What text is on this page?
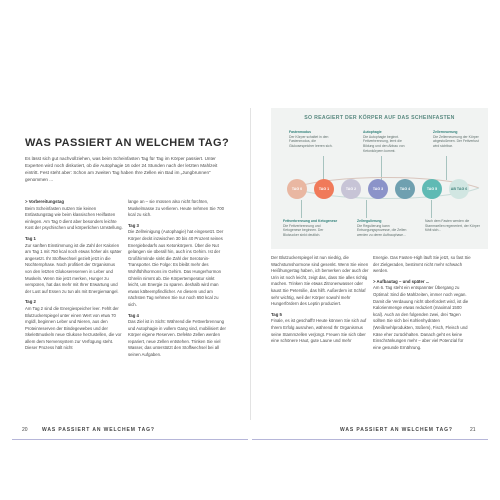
WAS PASSIERT AN WELCHEM TAG?
Es lässt sich gut nachvollziehen, was beim Scheinfasten Tag für Tag im Körper passiert. Unter Experten wird noch diskutiert, ob die Autophagie 16 oder 24 Stunden nach der letzten Mahlzeit eintritt. Fest steht aber: Schon am zweiten Tag haben Ihre Zellen ein Bad im „Jungbrunnen“ genommen ...

> Vorbereitungstag
Beim Scheinfasten nutzen Sie keinen Entlastungstag wie beim klassischen Heilfasten einlegen. Am Tag 0 dient aber besonders leichte Kost der psychischen und körperlichen Umstellung.

Tag 1
Zur sanften Einstimmung ist die Zahl der Kalorien am Tag 1 mit 750 kcal noch etwas höher als später angesetzt. Ihr Stoffwechsel gezielt jetzt in die Nüchternphase. Noch profitiert der Organismus von den letzten Glukosereserven in Leber und Muskeln. Wenn Sie jetzt merken, Hunger zu verspüren, hat das mehr mit Ihrer Erwartung und der Lust auf Essen zu tun als mit Energiemangel.

Tag 2
Am Tag 2 sind die Energiespeicher leer. Fehlt der Blutzuckerspiegel unter einen Wert von etwa 70 mg/dl, beginnen Leber und Nieren, aus den Proteinreserven der Bindegewebes und der Skelettmuskeln neue Glukose herzustellen, die vor allem dem Nervensystem zur Verfügung steht. Dieser Prozess hält nicht

lange an – sie müssen also nicht fürchten, Muskelmasse zu verlieren. Heute nehmen Sie 700 kcal zu sich.

Tag 3
Die Zellreinigung (Autophagie) hat eingesetzt. Der Körper deckt inzwischen 30 bis 40 Prozent seines Energiebedarfs aus Ketonkörpern. Über die Nut gelangen sie überall hin, auch ins Gehirn. Ist der Großhirnrinde sinkt die Zahl der Serotonin-Transporter. Die Folge: Es bleibt mehr des Wohlfühlhormons im Gehirn. Das Hungerhormon Ghrelin nimmt ab. Die Körpertemperatur sinkt leicht, um Energie zu sparen. deshalb wird man etwas kälteempfindlicher. An diesem und am nächsten Tag nehmen Sie nur noch 650 kcal zu sich.

Tag 4
Das Ziel ist in Sicht: Während die Fettverbrennung und Autophagie in vollem Gang sind, mobilisiert der Körper eigene Reserven. Defekte Zellen werden repariert, neue Zellen entstehen. Trinken Sie viel Wasser, das unterstützt den Stoffwechsel bei all seinen Aufgaben.

SO REAGIERT DER KÖRPER AUF DAS SCHEINFASTEN
Fastenmodus
Der Körper schaltet in den Fastenmodus, die Glukosespeicher leeren sich.
Autophagie
Die Autophagie beginnt. Fettverbrennung, lernt die Bildung und den Abbau von Ketonkörpern kommt.
Zellerneuerung
Die Zellerneuerung der Körper abgestoßenen. Der Fettverlust wird sichtbar.
TAG 0	TAG 1	TAG 2	TAG 3	TAG 4	TAG 5	AB TAG 6
Fettverbrennung und Ketogenese
Die Fettverbrennung und Ketogenese beginnen. Der Blutzucker sinkt deutlich.
Zellregulierung
Die Regulierung kann Entsorgungsprozesse, die Zellen werden zu deren Aufbauphase...
Nach dem Fasten werden die Stammzellen regeneriert, der Körper fühlt sich...

Der Blutzuckerspiegel ist nun niedrig, die Wachstumshormone sind gesenkt. Wenn Sie einen Heißhungertag haben, ich bemerken oder auch der Urin ist noch leicht, zeigt das, dass Sie alles richtig machen. Trinken Sie etwas Zitronenwasser oder kaust Sie Petersilie, das hilft. Außerdem ist Schlaf sehr wichtig, weil der Körper sowohl mehr Hungerfördern des Leptin produziert.

Tag 5
Finale, es ist geschafft! Heute können Sie sich auf Ihrem Erfolg ausruhen, während Ihr Organismus seine Stammzellen verjüngt. Freuen Sie sich über eine schönere Haut, gute Laune und mehr

Energie. Das Fasten-High läuft Sie jetzt, so fast Sie der Zielgeraden, bestimmt nicht mehr schwach werden.

> Aufbautag – und später ...
Am 6. Tag steht ein entspannter Übergang zu Optimal: Sind die Mahlzeiten, immer noch vegan. Damit die Verdauung nicht überfordert wird, ist die Kalorienmenge etwas reduziert (maximal 1500 kcal). Auch an den folgenden zwei, drei Tagen sollten Sie sich bei Kohlenhydraten (Weißmehlprodukten, Süßem), Fisch, Fleisch und Käse eher zurückhalten. Danach geht es keine Einschränkungen mehr – aber viel Potenzial für eine gesunde Ernährung.

20	WAS PASSIERT AN WELCHEM TAG?	WAS PASSIERT AN WELCHEM TAG?	21
